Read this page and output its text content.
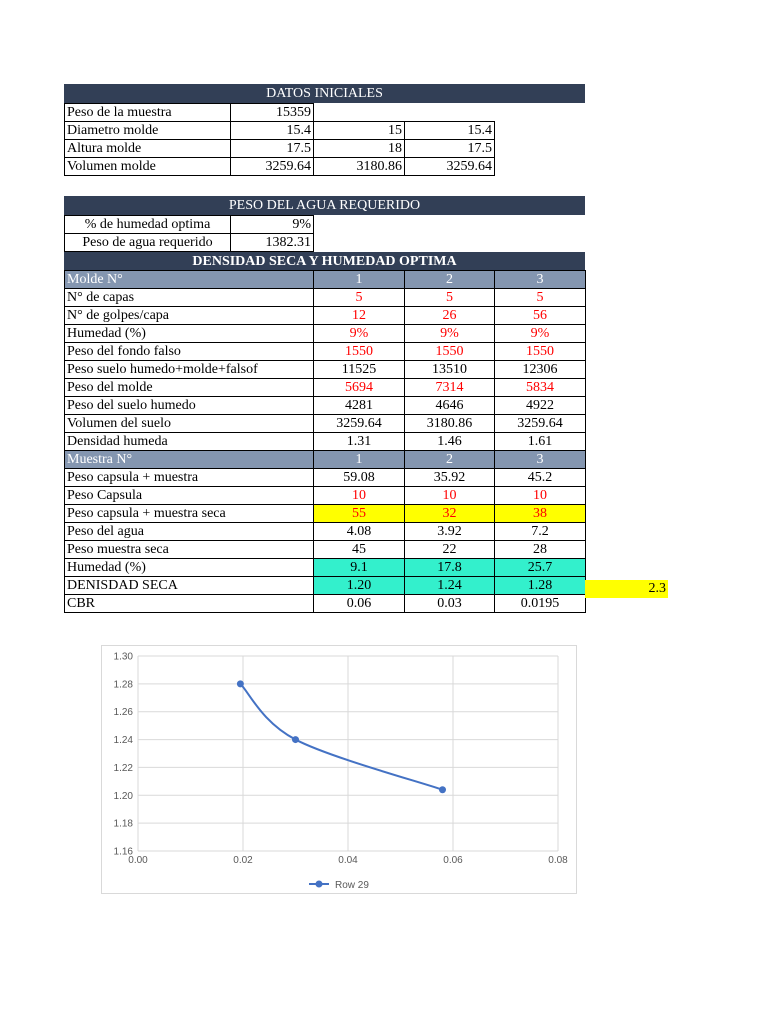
DATOS INICIALES
Peso de la muestra	15359		
Diametro molde	15.4	15	15.4
Altura molde	17.5	18	17.5
Volumen molde	3259.64	3180.86	3259.64
PESO DEL AGUA REQUERIDO
% de humedad optima	9%
Peso de agua requerido	1382.31
DENSIDAD SECA Y HUMEDAD OPTIMA
Molde N°	1	2	3
N° de capas	5	5	5
N° de golpes/capa	12	26	56
Humedad (%)	9%	9%	9%
Peso del fondo falso	1550	1550	1550
Peso suelo humedo+molde+falsof	11525	13510	12306
Peso del molde	5694	7314	5834
Peso del suelo humedo	4281	4646	4922
Volumen del suelo	3259.64	3180.86	3259.64
Densidad humeda	1.31	1.46	1.61
Muestra N°	1	2	3
Peso capsula + muestra	59.08	35.92	45.2
Peso Capsula	10	10	10
Peso capsula + muestra seca	55	32	38
Peso del agua	4.08	3.92	7.2
Peso muestra seca	45	22	28
Humedad (%)	9.1	17.8	25.7
DENISDAD SECA	1.20	1.24	1.28
CBR	0.06	0.03	0.0195
2.3
1.16
1.18
1.20
1.22
1.24
1.26
1.28
1.30
0.00	0.02	0.04	0.06	0.08
Row 29
